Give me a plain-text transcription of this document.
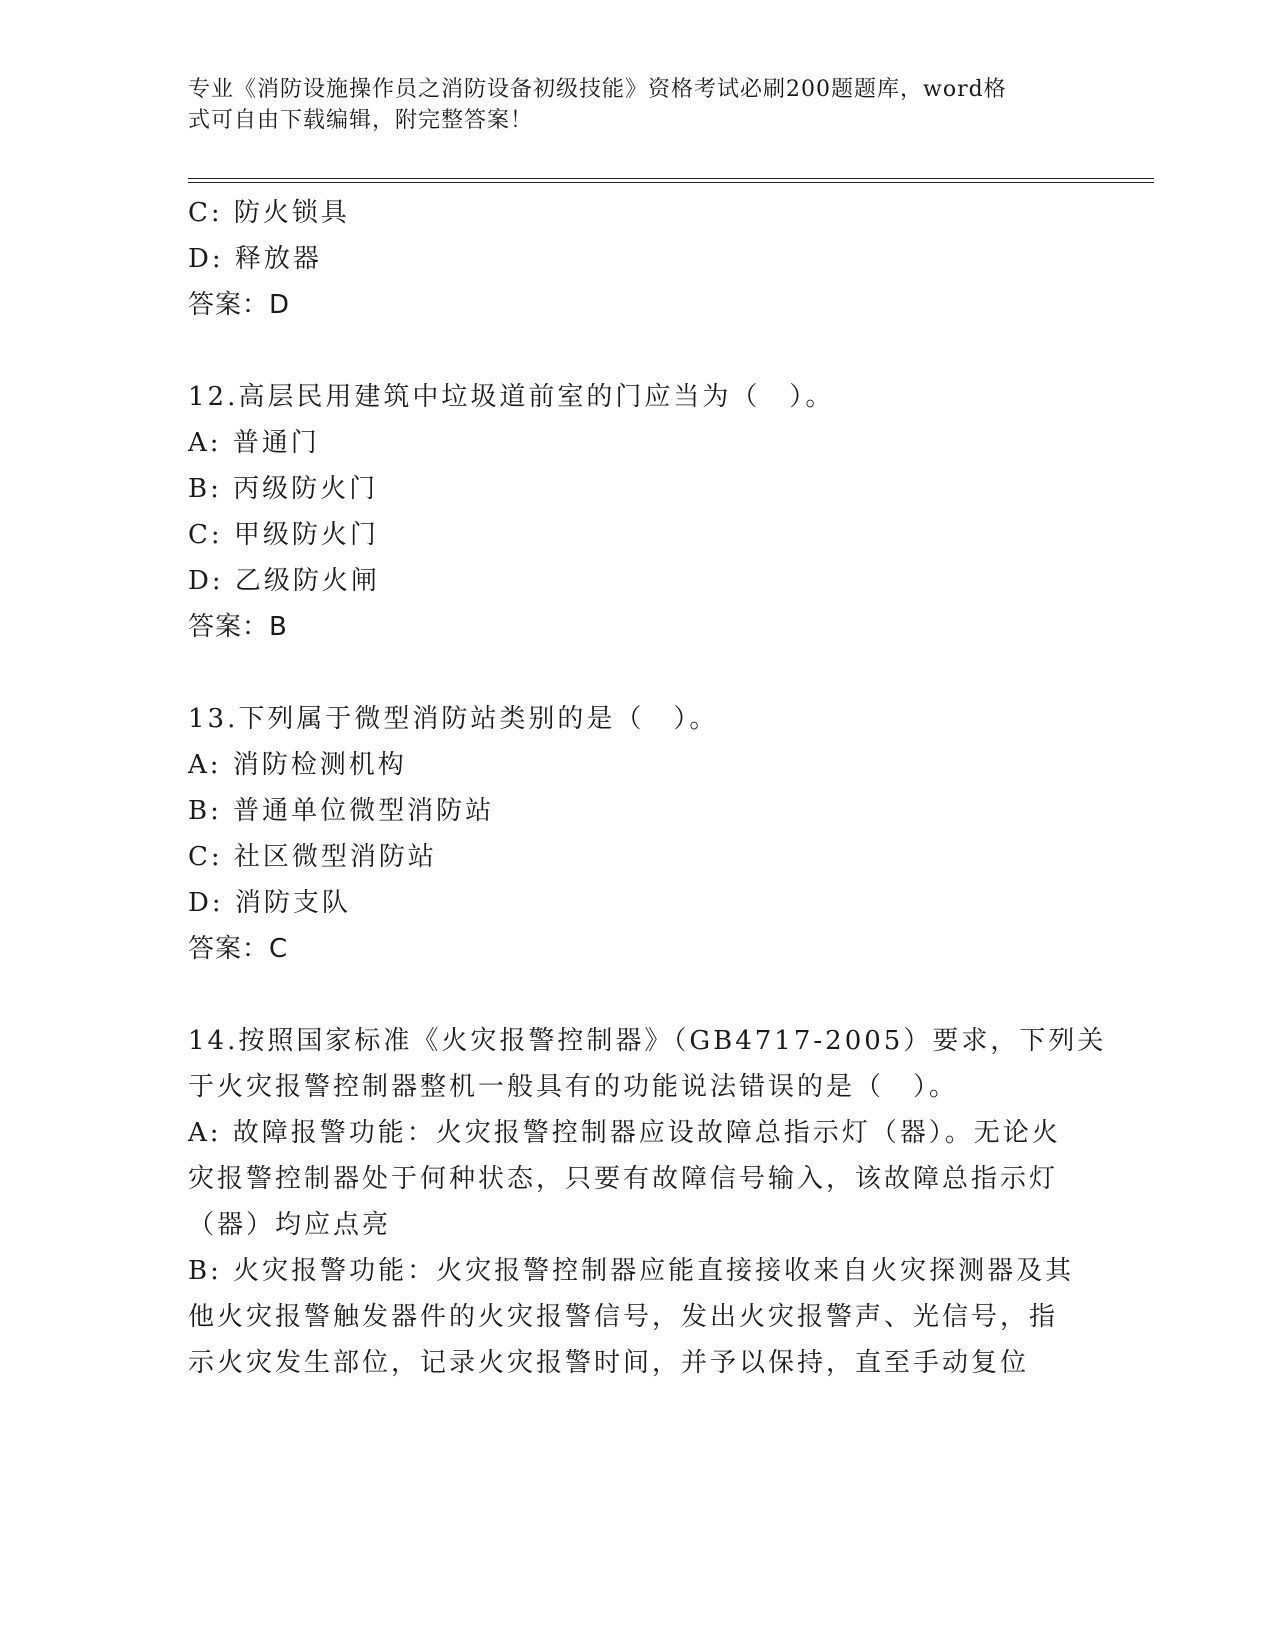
专业《消防设施操作员之消防设备初级技能》资格考试必刷200题题库，word格
式可自由下载编辑，附完整答案！
C: 防火锁具
D: 释放器
答案：D
12.高层民用建筑中垃圾道前室的门应当为（　）。
A: 普通门
B: 丙级防火门
C: 甲级防火门
D: 乙级防火闸
答案：B
13.下列属于微型消防站类别的是（　）。
A: 消防检测机构
B: 普通单位微型消防站
C: 社区微型消防站
D: 消防支队
答案：C
14.按照国家标准《火灾报警控制器》（GB4717-2005）要求，下列关
于火灾报警控制器整机一般具有的功能说法错误的是（　）。
A: 故障报警功能：火灾报警控制器应设故障总指示灯（器）。无论火
灾报警控制器处于何种状态，只要有故障信号输入，该故障总指示灯
（器）均应点亮
B: 火灾报警功能：火灾报警控制器应能直接接收来自火灾探测器及其
他火灾报警触发器件的火灾报警信号，发出火灾报警声、光信号，指
示火灾发生部位，记录火灾报警时间，并予以保持，直至手动复位
